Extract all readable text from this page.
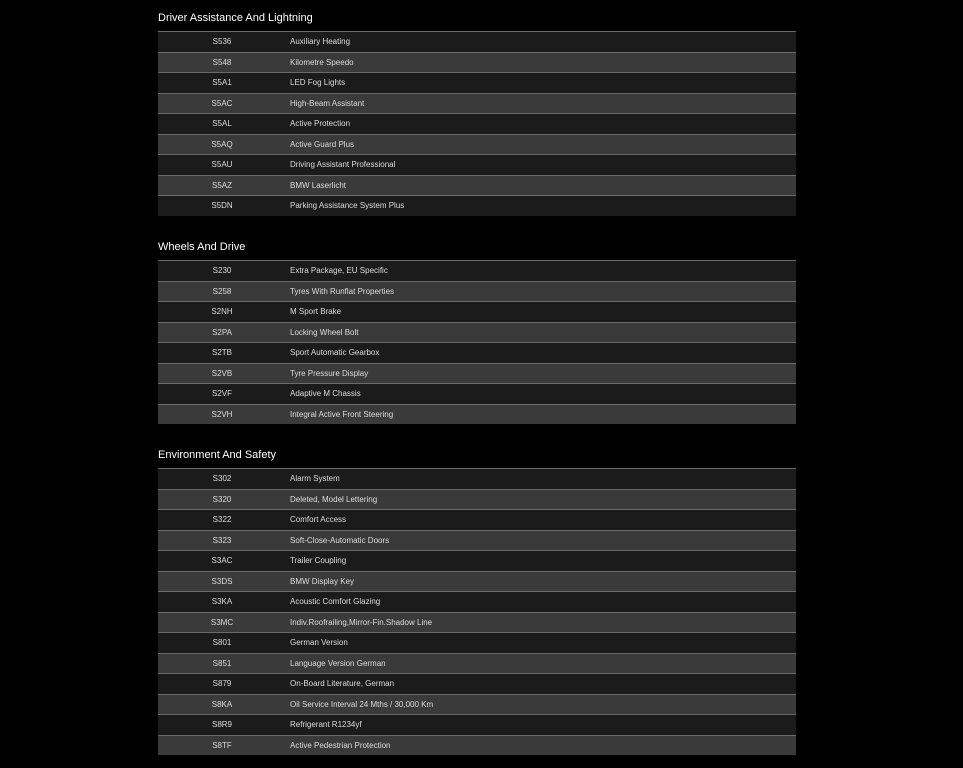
Driver Assistance And Lightning
S536	Auxiliary Heating
S548	Kilometre Speedo
S5A1	LED Fog Lights
S5AC	High-Beam Assistant
S5AL	Active Protection
S5AQ	Active Guard Plus
S5AU	Driving Assistant Professional
S5AZ	BMW Laserlicht
S5DN	Parking Assistance System Plus
Wheels And Drive
S230	Extra Package, EU Specific
S258	Tyres With Runflat Properties
S2NH	M Sport Brake
S2PA	Locking Wheel Bolt
S2TB	Sport Automatic Gearbox
S2VB	Tyre Pressure Display
S2VF	Adaptive M Chassis
S2VH	Integral Active Front Steering
Environment And Safety
S302	Alarm System
S320	Deleted, Model Lettering
S322	Comfort Access
S323	Soft-Close-Automatic Doors
S3AC	Trailer Coupling
S3DS	BMW Display Key
S3KA	Acoustic Comfort Glazing
S3MC	Indiv.Roofrailing,Mirror-Fin.Shadow Line
S801	German Version
S851	Language Version German
S879	On-Board Literature, German
S8KA	Oil Service Interval 24 Mths / 30,000 Km
S8R9	Refrigerant R1234yf
S8TF	Active Pedestrian Protection
